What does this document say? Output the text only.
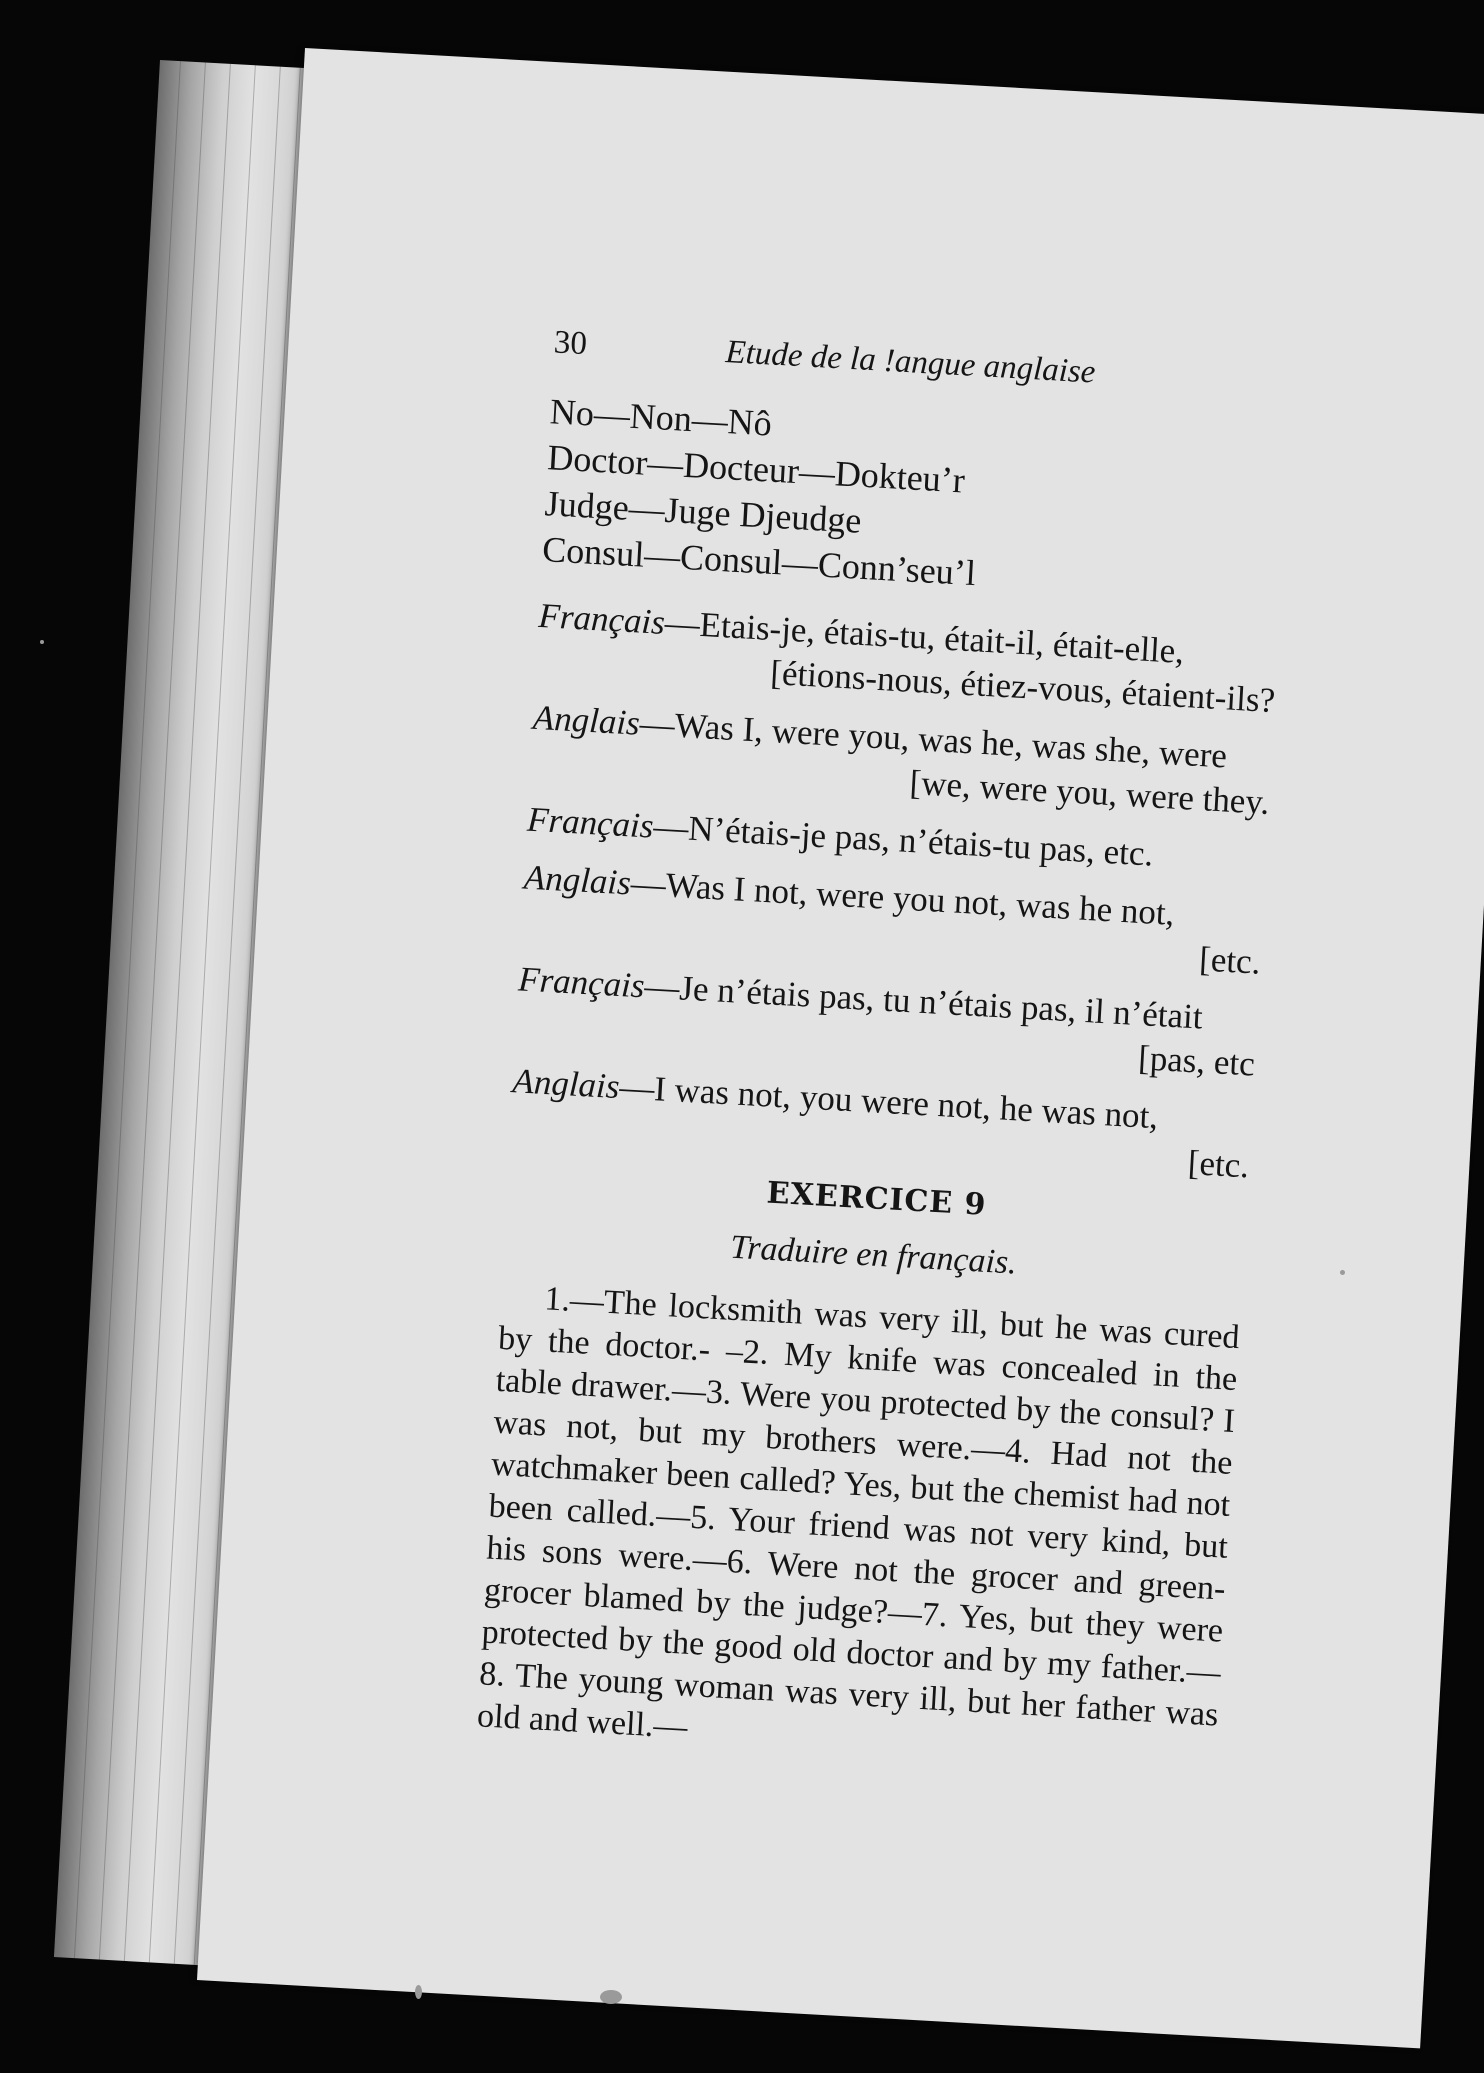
30	Etude de la !angue anglaise

No—Non—Nô

Doctor—Docteur—Dokteu’r

Judge—Juge Djeudge

Consul—Consul—Conn’seu’l

Français—Etais-je, étais-tu, était-il, était-elle,

[étions-nous, étiez-vous, étaient-ils?

Anglais—Was I, were you, was he, was she, were

[we, were you, were they.

Français—N’étais-je pas, n’étais-tu pas, etc.

Anglais—Was I not, were you not, was he not,

[etc.

Français—Je n’étais pas, tu n’étais pas, il n’était

[pas, etc

Anglais—I was not, you were not, he was not,

[etc.
EXERCICE 9
Traduire en français.

1.—The locksmith was very ill, but he was cured by the doctor.- –2. My knife was concealed in the table drawer.—3. Were you protected by the consul? I was not, but my brothers were.—4. Had not the watchmaker been called? Yes, but the chemist had not been called.—5. Your friend was not very kind, but his sons were.—6. Were not the grocer and green-grocer blamed by the judge?—7. Yes, but they were protected by the good old doctor and by my father.—8. The young woman was very ill, but her father was old and well.—
